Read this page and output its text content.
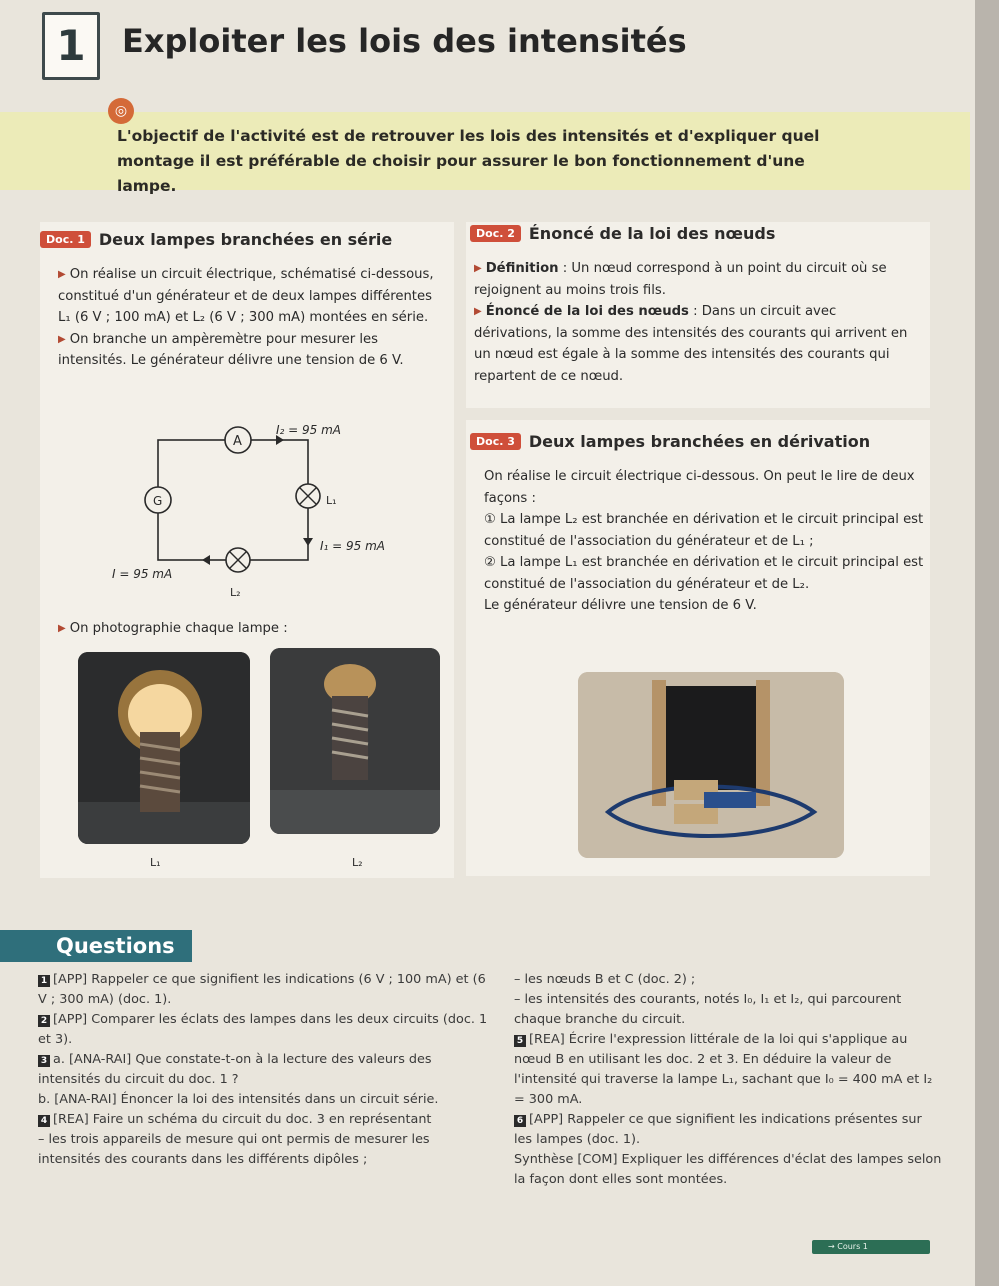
1	Exploiter les lois des intensités

L'objectif de l'activité est de retrouver les lois des intensités et d'expliquer quel montage il est préférable de choisir pour assurer le bon fonctionnement d'une lampe.

◎
Doc. 1 Deux lampes branchées en série

▶ On réalise un circuit électrique, schématisé ci-dessous, constitué d'un générateur et de deux lampes différentes L₁ (6 V ; 100 mA) et L₂ (6 V ; 300 mA) montées en série.

▶ On branche un ampèremètre pour mesurer les intensités. Le générateur délivre une tension de 6 V.

A
G	L₁
L₂
I₂ = 95 mA
I₁ = 95 mA
I = 95 mA

▶ On photographie chaque lampe :

L₁	L₂
Doc. 2 Énoncé de la loi des nœuds

▶ Définition : Un nœud correspond à un point du circuit où se rejoignent au moins trois fils.

▶ Énoncé de la loi des nœuds : Dans un circuit avec dérivations, la somme des intensités des courants qui arrivent en un nœud est égale à la somme des intensités des courants qui repartent de ce nœud.

Doc. 3 Deux lampes branchées en dérivation

On réalise le circuit électrique ci-dessous. On peut le lire de deux façons :

① La lampe L₂ est branchée en dérivation et le circuit principal est constitué de l'association du générateur et de L₁ ;

② La lampe L₁ est branchée en dérivation et le circuit principal est constitué de l'association du générateur et de L₂.

Le générateur délivre une tension de 6 V.

Questions

1 [APP] Rappeler ce que signifient les indications (6 V ; 100 mA) et (6 V ; 300 mA) (doc. 1).

2 [APP] Comparer les éclats des lampes dans les deux circuits (doc. 1 et 3).

3 a. [ANA-RAI] Que constate-t-on à la lecture des valeurs des intensités du circuit du doc. 1 ?

b. [ANA-RAI] Énoncer la loi des intensités dans un circuit série.

4 [REA] Faire un schéma du circuit du doc. 3 en représentant

– les trois appareils de mesure qui ont permis de mesurer les intensités des courants dans les différents dipôles ;

– les nœuds B et C (doc. 2) ;

– les intensités des courants, notés I₀, I₁ et I₂, qui parcourent chaque branche du circuit.

5 [REA] Écrire l'expression littérale de la loi qui s'applique au nœud B en utilisant les doc. 2 et 3. En déduire la valeur de l'intensité qui traverse la lampe L₁, sachant que I₀ = 400 mA et I₂ = 300 mA.

6 [APP] Rappeler ce que signifient les indications présentes sur les lampes (doc. 1).

Synthèse [COM] Expliquer les différences d'éclat des lampes selon la façon dont elles sont montées.

→ Cours 1
